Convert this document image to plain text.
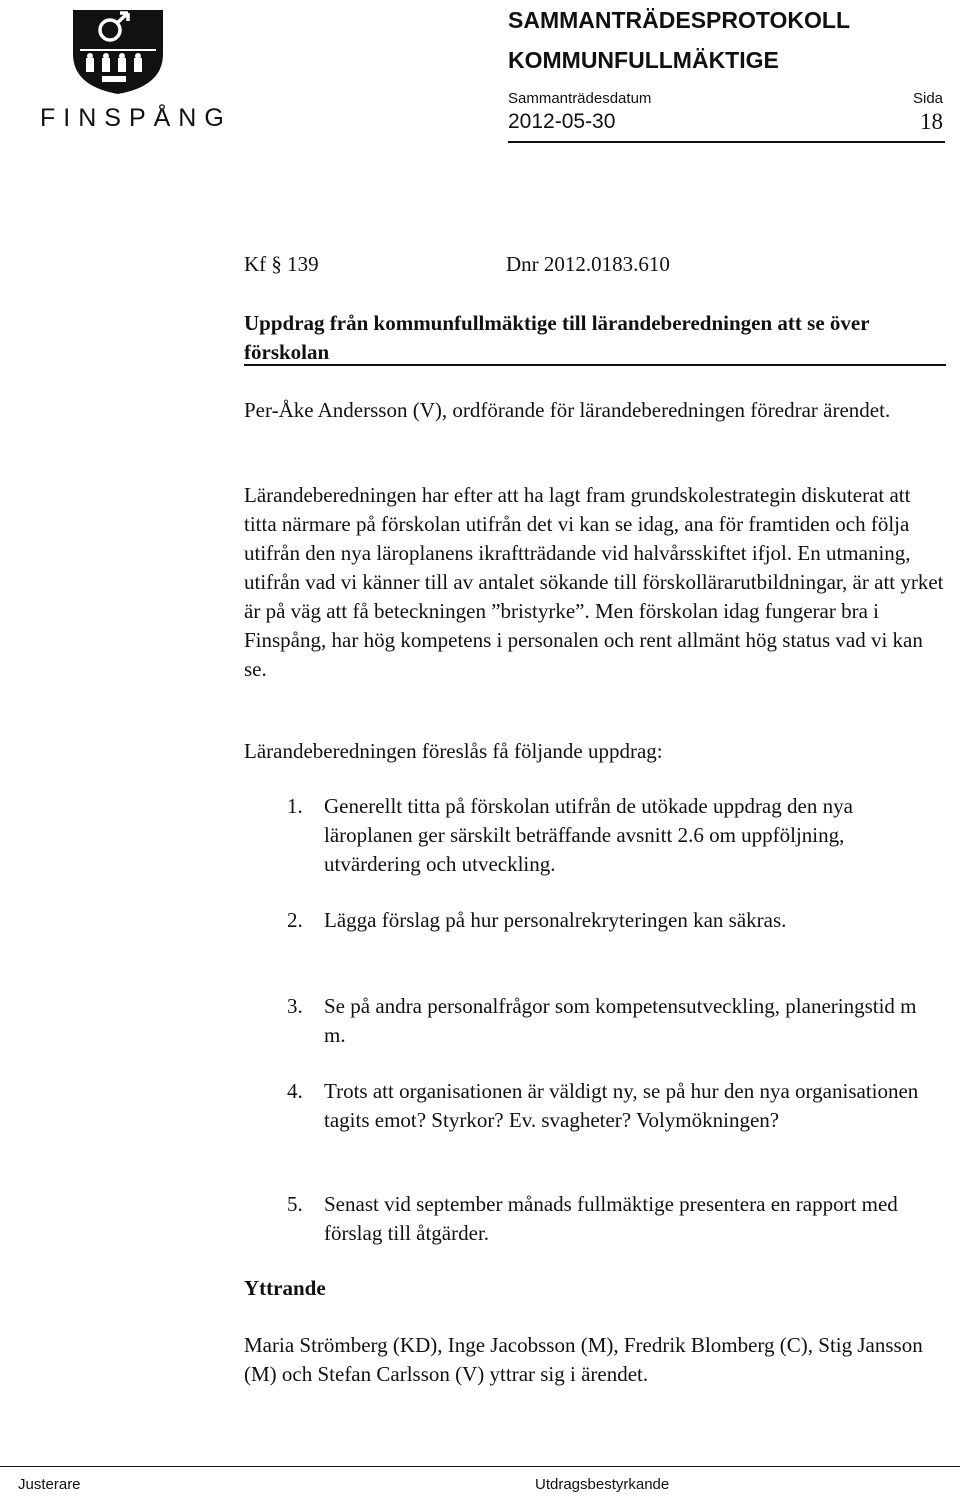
FINSPÅNG
SAMMANTRÄDESPROTOKOLL
KOMMUNFULLMÄKTIGE
Sammanträdesdatum	Sida
2012-05-30	18
Kf § 139	Dnr 2012.0183.610
Uppdrag från kommunfullmäktige till lärandeberedningen att se över förskolan
Per-Åke Andersson (V), ordförande för lärandeberedningen föredrar ärendet.
Lärandeberedningen har efter att ha lagt fram grundskolestrategin diskuterat att titta närmare på förskolan utifrån det vi kan se idag, ana för framtiden och följa utifrån den nya läroplanens ikraftträdande vid halvårsskiftet ifjol. En utmaning, utifrån vad vi känner till av antalet sökande till förskollärarutbildningar, är att yrket är på väg att få beteckningen ”bristyrke”. Men förskolan idag fungerar bra i Finspång, har hög kompetens i personalen och rent allmänt hög status vad vi kan se.
Lärandeberedningen föreslås få följande uppdrag:
1. Generellt titta på förskolan utifrån de utökade uppdrag den nya läroplanen ger särskilt beträffande avsnitt 2.6 om uppföljning, utvärdering och utveckling.
2. Lägga förslag på hur personalrekryteringen kan säkras.
3. Se på andra personalfrågor som kompetensutveckling, planeringstid m m.
4. Trots att organisationen är väldigt ny, se på hur den nya organisationen tagits emot? Styrkor? Ev. svagheter? Volymökningen?
5. Senast vid september månads fullmäktige presentera en rapport med förslag till åtgärder.
Yttrande
Maria Strömberg (KD), Inge Jacobsson (M), Fredrik Blomberg (C), Stig Jansson (M) och Stefan Carlsson (V) yttrar sig i ärendet.
Justerare	Utdragsbestyrkande
